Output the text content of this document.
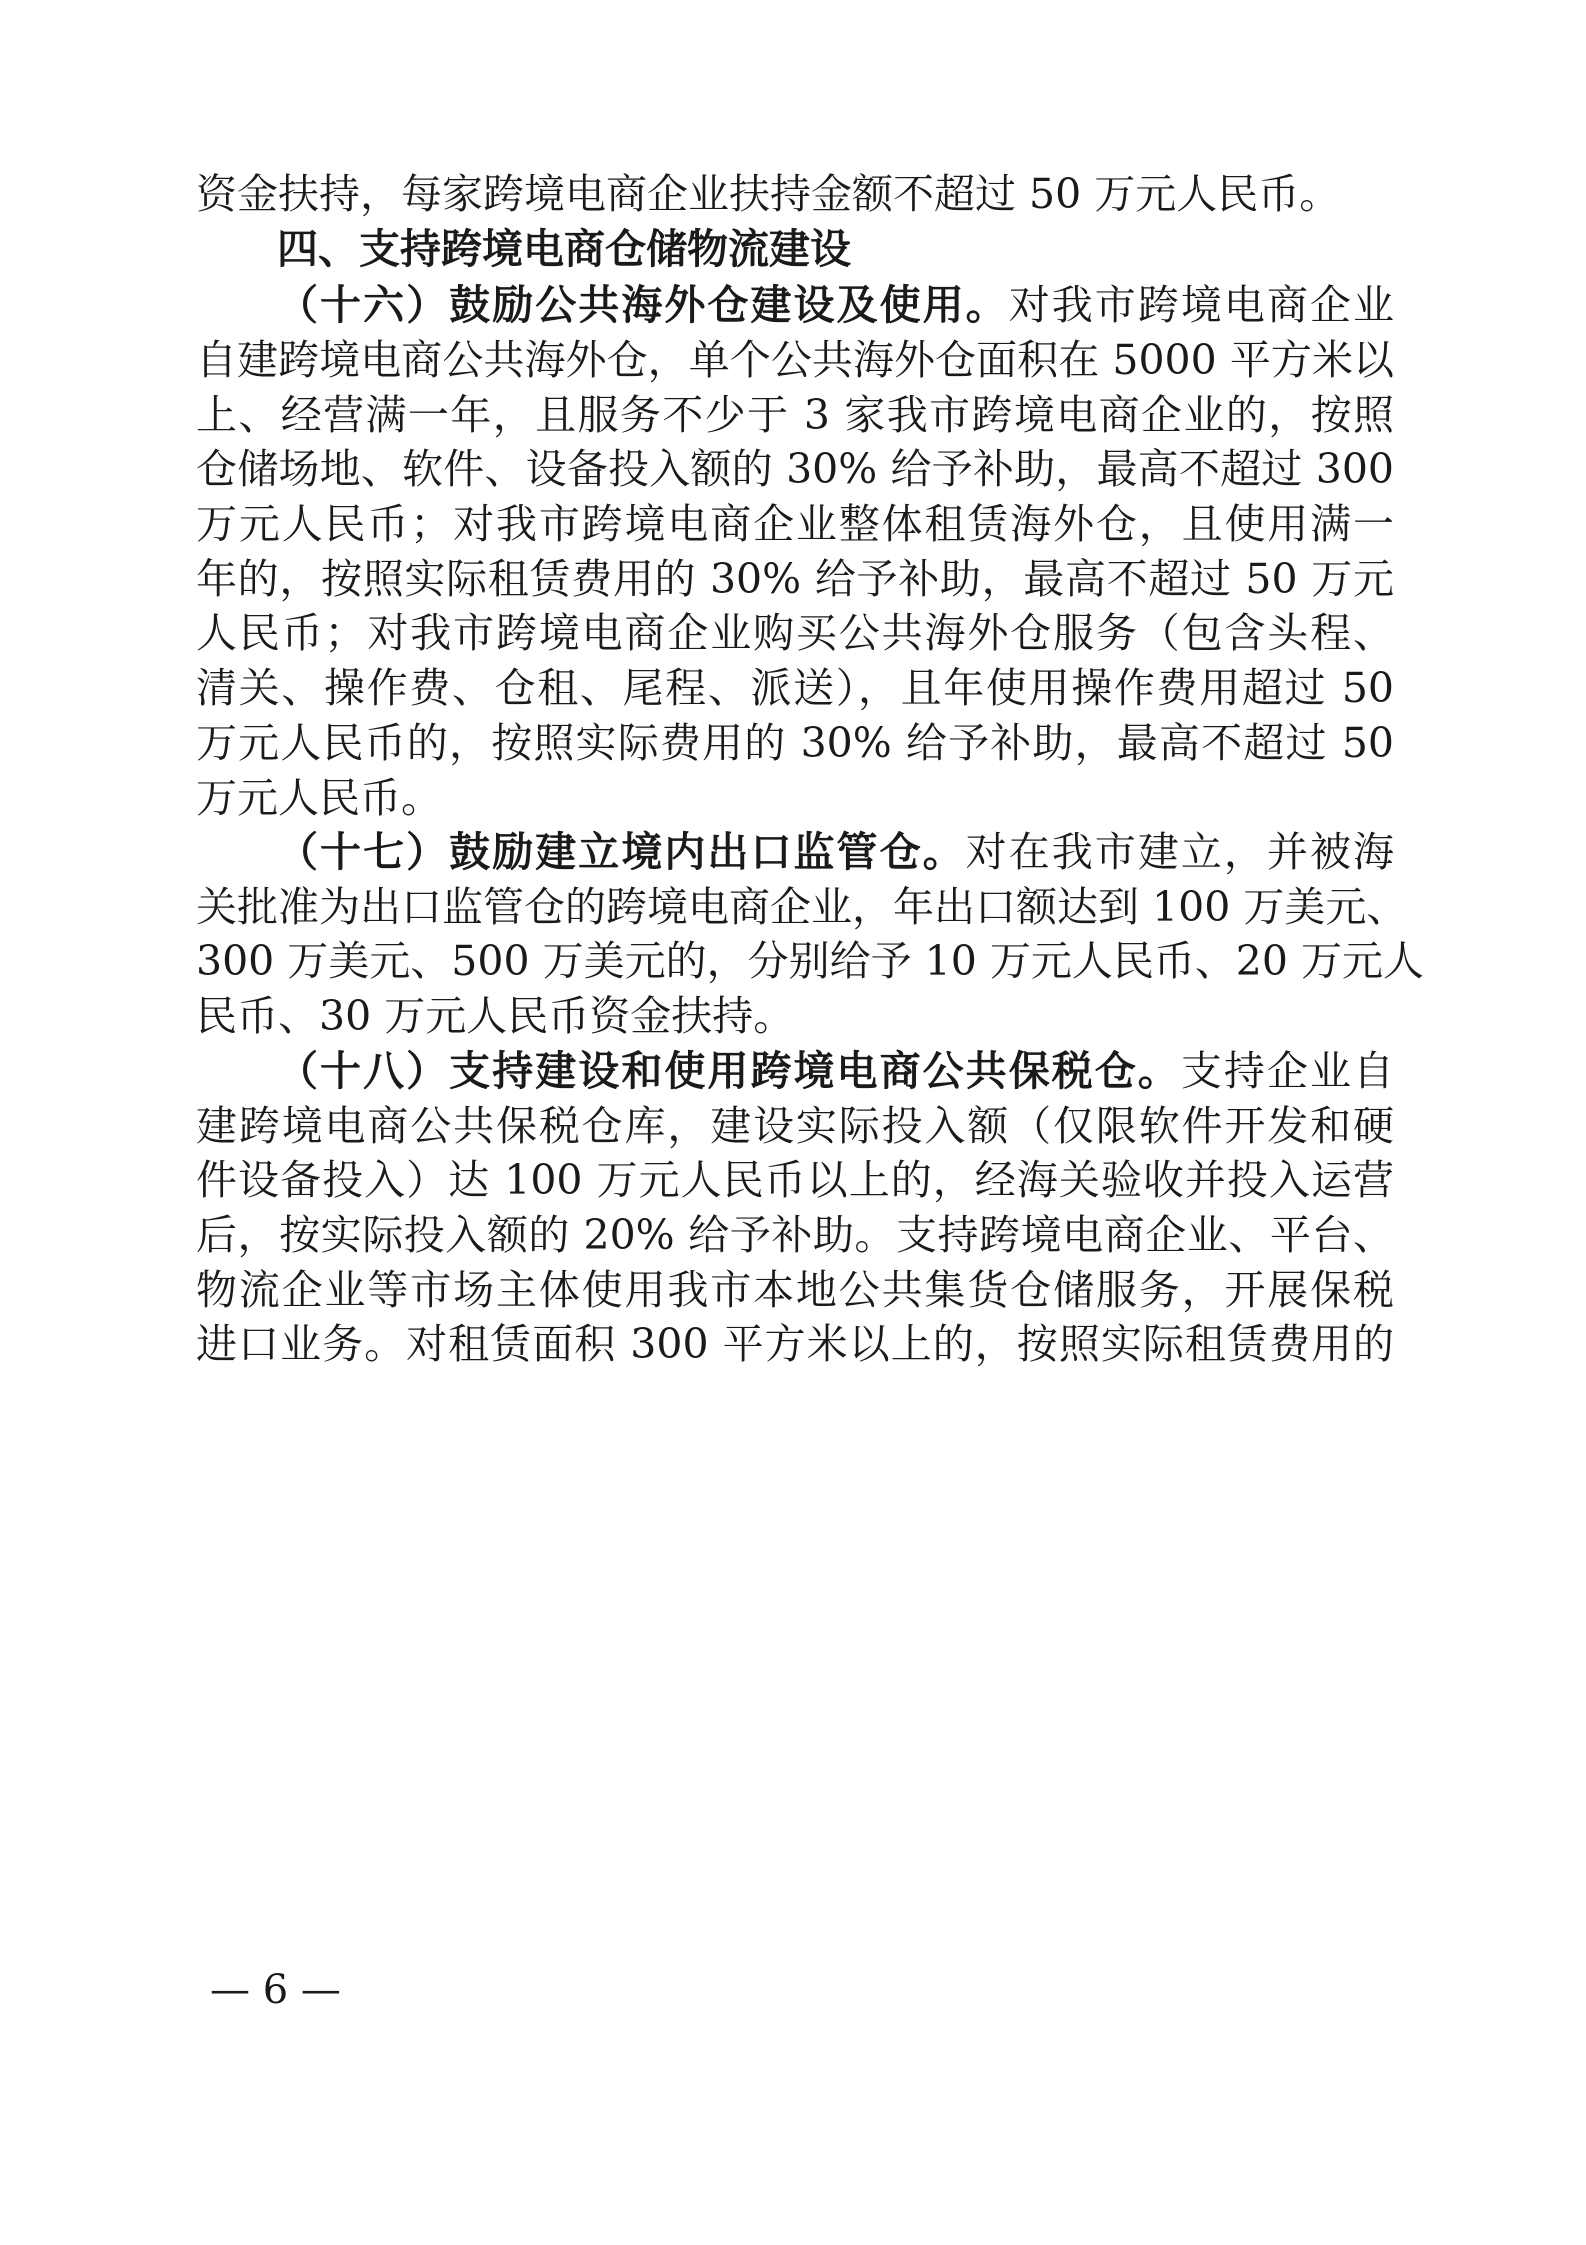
资金扶持，每家跨境电商企业扶持金额不超过 50 万元人民币。
四、支持跨境电商仓储物流建设
（十六）鼓励公共海外仓建设及使用。对我市跨境电商企业
自建跨境电商公共海外仓，单个公共海外仓面积在 5000 平方米以
上、经营满一年，且服务不少于 3 家我市跨境电商企业的，按照
仓储场地、软件、设备投入额的 30% 给予补助，最高不超过 300
万元人民币；对我市跨境电商企业整体租赁海外仓，且使用满一
年的，按照实际租赁费用的 30% 给予补助，最高不超过 50 万元
人民币；对我市跨境电商企业购买公共海外仓服务（包含头程、
清关、操作费、仓租、尾程、派送），且年使用操作费用超过 50
万元人民币的，按照实际费用的 30% 给予补助，最高不超过 50
万元人民币。
（十七）鼓励建立境内出口监管仓。对在我市建立，并被海
关批准为出口监管仓的跨境电商企业，年出口额达到 100 万美元、
300 万美元、500 万美元的，分别给予 10 万元人民币、20 万元人
民币、30 万元人民币资金扶持。
（十八）支持建设和使用跨境电商公共保税仓。支持企业自
建跨境电商公共保税仓库，建设实际投入额（仅限软件开发和硬
件设备投入）达 100 万元人民币以上的，经海关验收并投入运营
后，按实际投入额的 20% 给予补助。支持跨境电商企业、平台、
物流企业等市场主体使用我市本地公共集货仓储服务，开展保税
进口业务。对租赁面积 300 平方米以上的，按照实际租赁费用的
— 6 —
